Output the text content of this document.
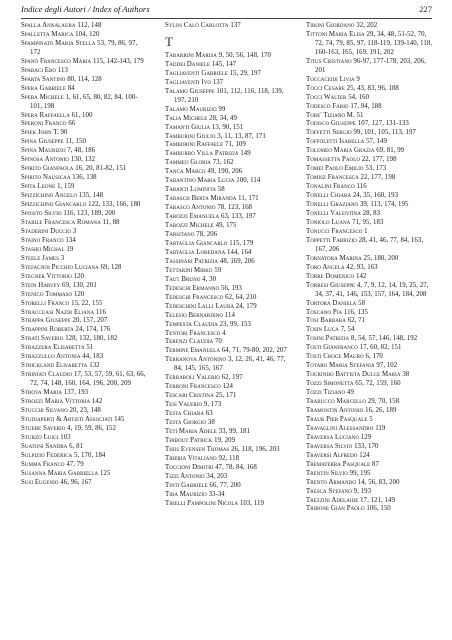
Indice degli Autori / Index of Authors	227

Spalla Annalaura 112, 148

Spalletta Marica 104, 120

Spampinato Maria Stella 53, 79, 86, 97, 172

Spanò Francesco Maria 115, 142-143, 179

Sparaci Ebo 113

Sparta Santino 80, 114, 128

Spera Gabriele 84

Spera Michele 1, 61, 65, 80, 82, 84, 100-101, 198

Spera Raffaella 61, 100

Speroni Franco 66

Spiek John T. 90

Spina Giuseppe 11, 150

Spina Maurizio 7, 48, 186

Spinosa Antonio 130, 132

Spirito Gianpaola 16, 20, 81-82, 151

Spirito Nausicaa 136, 138

Spita Leone 1, 159

Spizzichino Angelo 135, 148

Spizzichino Giancarlo 122, 133, 166, 180

Sposito Silvio 116, 123, 189, 200

Stabile Francesca Romana 11, 88

Staderini Duccio 3

Staino Franco 134

Stasiki Michal 19

Steele James 3

Stefagnoi Picchio Luciana 69, 128

Stegner Vittorio 120

Stein Harvey 69, 130, 201

Stenico Tommaso 120

Storelli Franco 15, 22, 155

Straccuasi Nazir Eliana 116

Strappa Giuseppe 20, 157, 207

Strappini Roberta 24, 174, 176

Strati Saverio 128, 132, 180, 182

Strazzera Elisabetta 51

Strazzullo Antonia 44, 183

Strickland Elisabetta 132

Striniati Claudio 17, 53, 57, 59, 61, 63, 66, 72, 74, 148, 160, 164, 196, 200, 209

Strova Maria 137, 193

Strozzi Maria Vittoria 142

Stucchi Silvano 20, 23, 148

Studiaperti & Artisti Associati 145

Stuebe Saverio 4, 19, 59, 86, 152

Sturzo Luigi 103

Suatoni Sandra 6, 81

Sulpizio Federica 5, 170, 184

Summa Franco 47, 79

Susanna Maria Gabriella 125

Susi Eugenio 46, 96, 167

Sylos Calò Carlotta 137

T

Tabarrini Marisa 9, 50, 56, 148, 170

Taddei Daniele 145, 147

Tagliaventi Gabriele 15, 29, 197

Tagliaventi Ivo 137

Talamo Giuseppe 101, 112, 116, 118, 139, 197, 210

Talamo Maurizio 99

Talia Michele 28, 34, 49

Tamanti Giulia 13, 90, 151

Tamburini Giulio 3, 11, 13, 87, 171

Tamborini Raffaele 71, 109

Tamburro Villa Patrizia 149

Tammeo Gloria 73, 162

Tanca Marco 49, 190, 206

Tarantino Maria Lucia 100, 114

Taranti Luminita 58

Tarasch Berta Miranda 11, 171

Tarasco Antonio 78, 123, 168

Tarozzi Emanuela 63, 133, 197

Tarozzi Michele 49, 175

Tarsitano 78, 206

Tartaglia Giancarlo 115, 179

Tartaglia Loredana 144, 164

Tassinari Patrizia 48, 169, 206

Tettarini Mirko 59

Taut Bruno 4, 30

Tedeschi Ermanno 56, 193

Tedeschi Francesco 62, 64, 210

Tedeschini Lalli Laura 24, 179

Telesio Bernardino 114

Tempesta Claudia 23, 99, 153

Tentori Francesco 4

Terenzi Claudia 70

Termine Emanuela 64, 71, 79-80, 202, 207

Terranova Antonino 3, 12, 26, 41, 46, 77, 84, 145, 165, 167

Terraroli Valerio 62, 197

Terroni Francesco 124

Tescari Cristina 25, 171

Tesi Valerio 9, 173

Testa Chiara 63

Testa Giorgio 38

Teti Maria Adele 33, 99, 181

Thibout Patrick 19, 209

Thiis Evensen Thomas 26, 118, 196, 203

Tiberia Vitaliano 92, 118

Toccioni Dimitri 47, 78, 84, 168

Tizzi Antonio 34, 203

Tinti Gabriele 66, 77, 200

Tira Maurizio 33-34

Tirelli Pampolini Nicola 103, 119

Tironi Giordano 32, 202

Tittoni Maria Elisa 29, 34, 48, 51-52, 70, 72, 74, 79, 85, 97, 118-119, 139-140, 118, 160-163, 165, 169, 191, 202

Titus Cristiano 96-97, 177-178, 203, 206, 201

Toccaceidi Livia 9

Tocci Cesare 25, 43, 83, 96, 188

Tocci Walter 54, 160

Todesco Fabio 17, 94, 188

Tobe' Tiziano M. 51

Todisco Giuseppe 107, 127, 131-133

Toffetti Sergio 99, 101, 105, 113, 197

Toffoletti Isabella 57, 149

Tolomeo Maria Grazia 69, 81, 99

Tomassetta Paolo 22, 177, 198

Tomei Paolo Emilio 53, 173

Tomisz Francesca 22, 177, 198

Tonalini Franco 116

Tonelli Chiara 24, 35, 160, 193

Tonelli Graziano 39, 113, 174, 195

Tonelli Valentina 28, 83

Toniolo Luana 71, 95, 183

Tonucci Francesco 1

Toppetti Fabrizio 28, 41, 46, 77, 84, 163, 167, 206

Tornatora Marina 25, 180, 200

Toro Angela 42, 93, 163

Torre Domenico 142

Torresi Giuseppe 4, 7, 9, 12, 14, 19, 25, 27, 34, 37, 41, 146, 153, 157, 164, 184, 208

Tortora Daniela 58

Toscano Pia 116, 135

Tosi Barbara 62, 71

Tosin Luca 7, 54

Tosini Patrizia 8, 54, 57, 146, 148, 192

Tosti Gianfranco 17, 60, 82, 151

Tosti Croce Mauro 6, 170

Totaro Maria Stefania 97, 102

Tourinho Battista Dulce Maria 38

Tozzi Simonetta 65, 72, 159, 160

Tozzi Tiziano 49

Trabucco Marcello 29, 70, 158

Tramontin Antonio 16, 26, 189

Traub Pier Pasquale 5

Travaglini Alessandro 119

Traversa Luciano 129

Traversa Silvio 133, 170

Traversi Alfredo 124

Trematerra Pasquale 87

Trentin Silvio 99, 195

Trento Armando 14, 56, 83, 200

Tresca Stefano 9, 193

Trezzini Adelaide 17, 121, 149

Tribone Gian Paolo 106, 150
